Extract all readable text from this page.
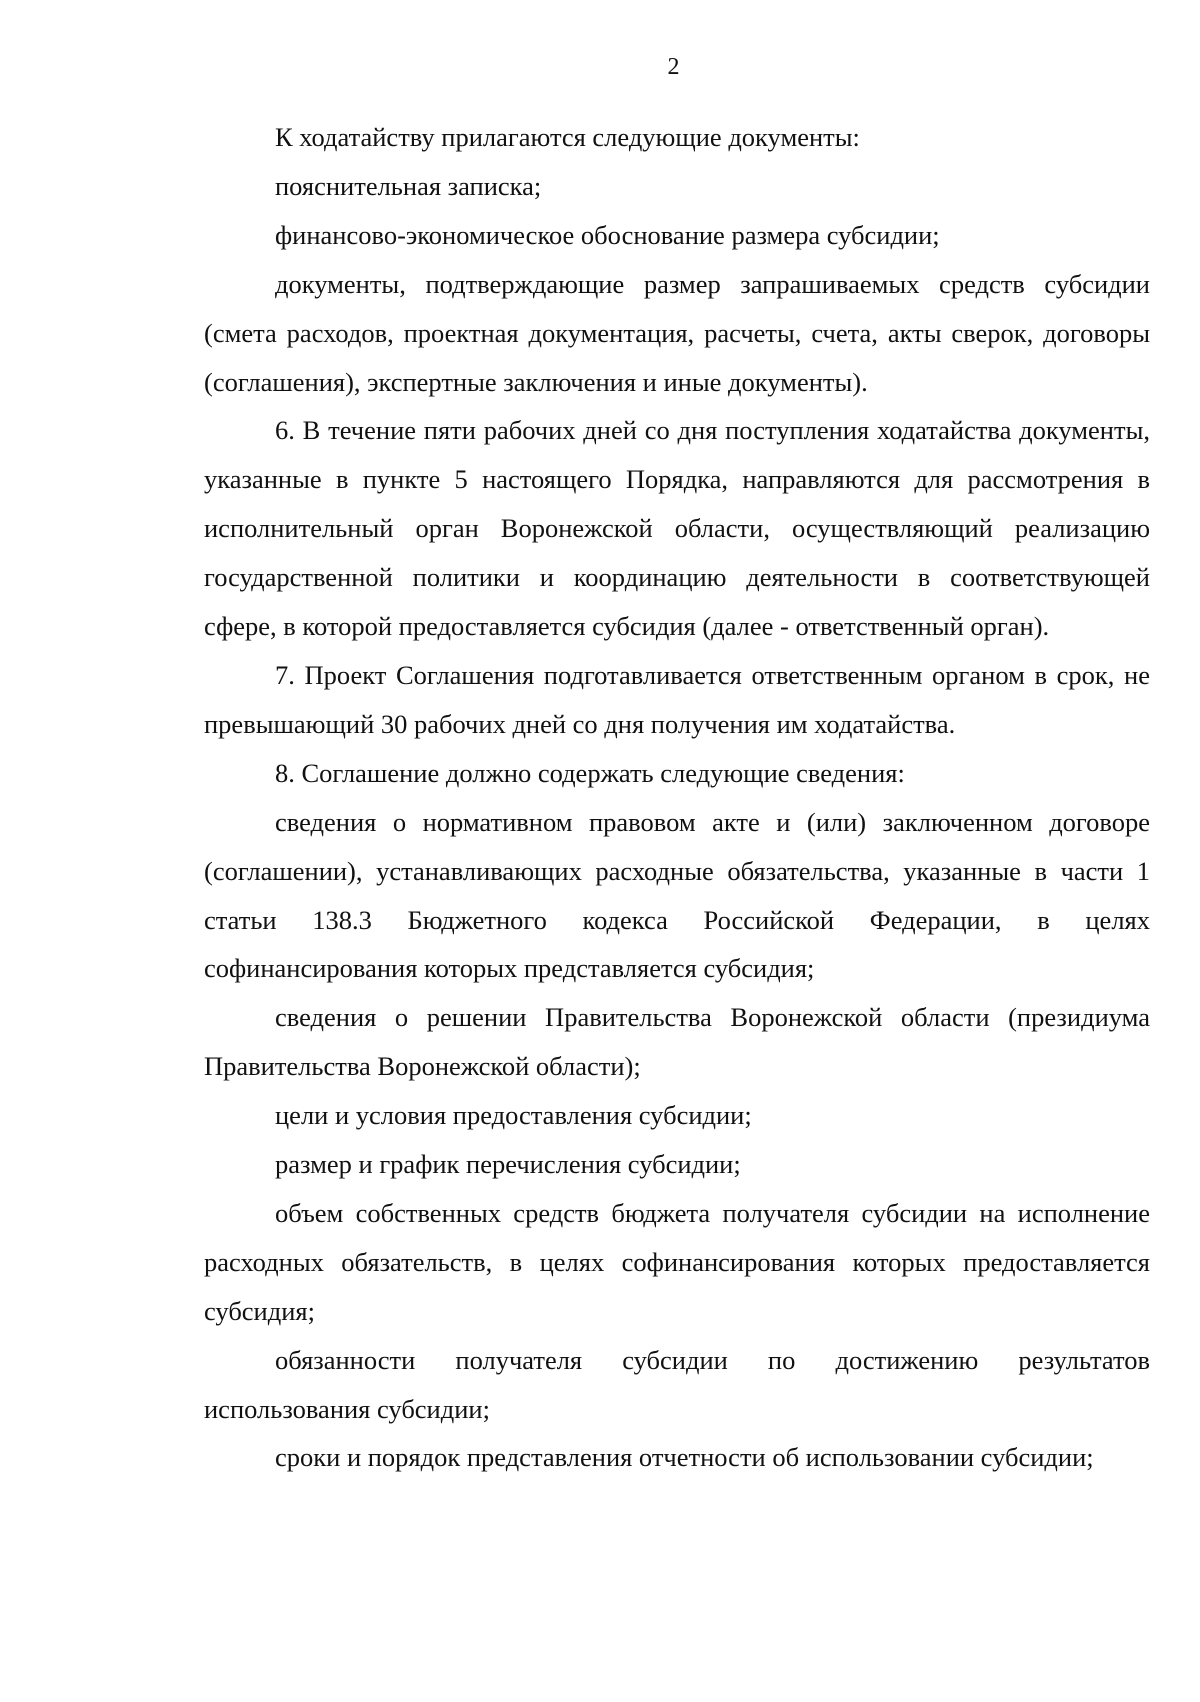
2

К ходатайству прилагаются следующие документы:

пояснительная записка;

финансово-экономическое обоснование размера субсидии;

документы, подтверждающие размер запрашиваемых средств субсидии (смета расходов, проектная документация, расчеты, счета, акты сверок, договоры (соглашения), экспертные заключения и иные документы).

6. В течение пяти рабочих дней со дня поступления ходатайства документы, указанные в пункте 5 настоящего Порядка, направляются для рассмотрения в исполнительный орган Воронежской области, осуществляющий реализацию государственной политики и координацию деятельности в соответствующей сфере, в которой предоставляется субсидия (далее - ответственный орган).

7. Проект Соглашения подготавливается ответственным органом в срок, не превышающий 30 рабочих дней со дня получения им ходатайства.

8. Соглашение должно содержать следующие сведения:

сведения о нормативном правовом акте и (или) заключенном договоре (соглашении), устанавливающих расходные обязательства, указанные в части 1 статьи 138.3 Бюджетного кодекса Российской Федерации, в целях софинансирования которых представляется субсидия;

сведения о решении Правительства Воронежской области (президиума Правительства Воронежской области);

цели и условия предоставления субсидии;

размер и график перечисления субсидии;

объем собственных средств бюджета получателя субсидии на исполнение расходных обязательств, в целях софинансирования которых предоставляется субсидия;

обязанности получателя субсидии по достижению результатов использования субсидии;

сроки и порядок представления отчетности об использовании субсидии;
